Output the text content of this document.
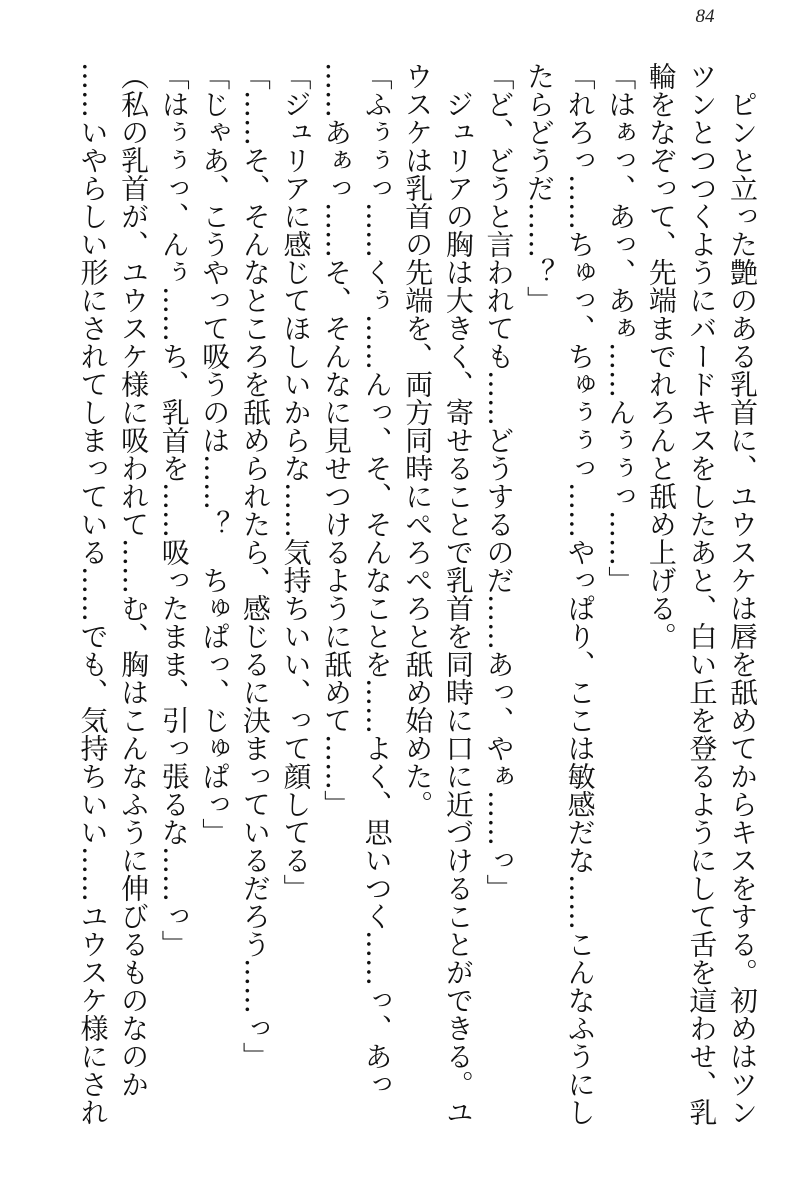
84

　ピンと立った艶のある乳首に、ユウスケは唇を舐めてからキスをする。初めはツン

ツンとつつくようにバードキスをしたあと、白い丘を登るようにして舌を這わせ、乳

輪をなぞって、先端までれろんと舐め上げる。

「はぁっ、あっ、あぁ……んぅぅっ……」

「れろっ……ちゅっ、ちゅぅぅっ……やっぱり、ここは敏感だな……こんなふうにし

たらどうだ……？」

「ど、どうと言われても……どうするのだ……あっ、やぁ……っ」

　ジュリアの胸は大きく、寄せることで乳首を同時に口に近づけることができる。ユ

ウスケは乳首の先端を、両方同時にぺろぺろと舐め始めた。

「ふぅぅっ……くぅ……んっ、そ、そんなことを……よく、思いつく……っ、あっ

……あぁっ……そ、そんなに見せつけるように舐めて……」

「ジュリアに感じてほしいからな……気持ちいい、って顔してる」

「……そ、そんなところを舐められたら、感じるに決まっているだろう……っ」

「じゃあ、こうやって吸うのは……？　ちゅぱっ、じゅぱっ」

「はぅぅっ、んぅ……ち、乳首を……吸ったまま、引っ張るな……っ」

（私の乳首が、ユウスケ様に吸われて……む、胸はこんなふうに伸びるものなのか

……いやらしい形にされてしまっている……でも、気持ちいい……ユウスケ様にされ
